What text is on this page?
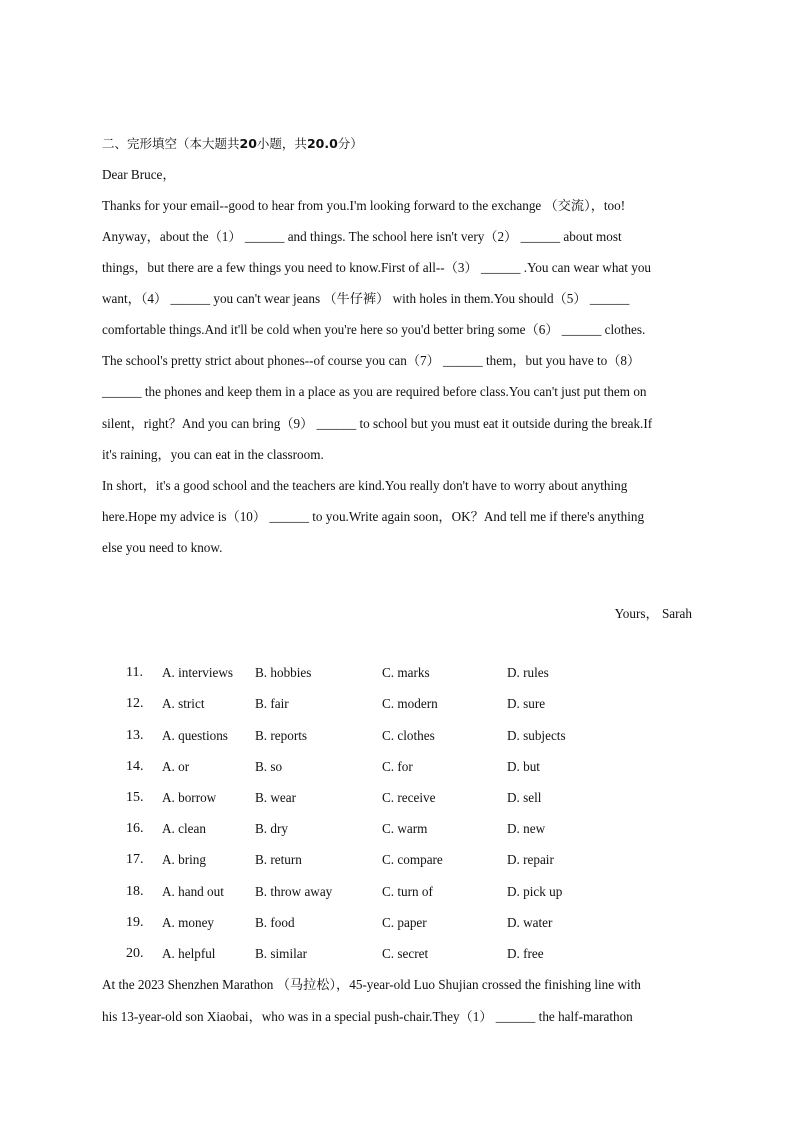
二、完形填空（本大题共20小题，共20.0分）
Dear Bruce，
Thanks for your email--good to hear from you.I'm looking forward to the exchange （交流），too!
Anyway，about the（1） ______ and things. The school here isn't very（2） ______ about most
things，but there are a few things you need to know.First of all--（3） ______ .You can wear what you
want，（4） ______ you can't wear jeans （牛仔裤） with holes in them.You should（5） ______
comfortable things.And it'll be cold when you're here so you'd better bring some（6） ______ clothes.
The school's pretty strict about phones--of course you can（7） ______ them，but you have to（8）
______ the phones and keep them in a place as you are required before class.You can't just put them on
silent，right？And you can bring（9） ______ to school but you must eat it outside during the break.If
it's raining，you can eat in the classroom.
In short，it's a good school and the teachers are kind.You really don't have to worry about anything
here.Hope my advice is（10） ______ to you.Write again soon，OK？And tell me if there's anything
else you need to know.
Yours， Sarah
11. A. interviews B. hobbies	C. marks	D. rules
12. A. strict	B. fair	C. modern	D. sure
13. A. questions B. reports	C. clothes	D. subjects
14. A. or	B. so	C. for	D. but
15. A. borrow	B. wear	C. receive	D. sell
16. A. clean	B. dry	C. warm	D. new
17. A. bring	B. return	C. compare	D. repair
18. A. hand out B. throw away	C. turn of	D. pick up
19. A. money	B. food	C. paper	D. water
20. A. helpful	B. similar	C. secret	D. free
At the 2023 Shenzhen Marathon （马拉松），45-year-old Luo Shujian crossed the finishing line with
his 13-year-old son Xiaobai，who was in a special push-chair.They（1） ______ the half-marathon
